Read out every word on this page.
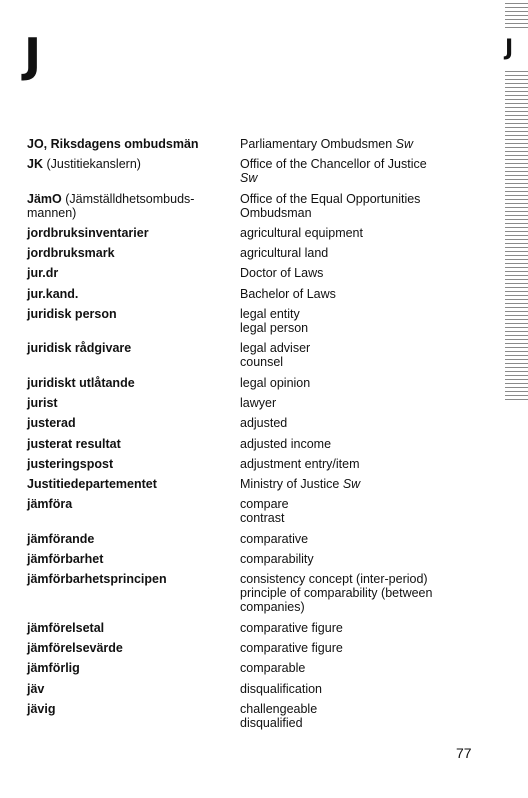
J	J
JO, Riksdagens ombudsmän	Parliamentary Ombudsmen Sw
JK (Justitiekanslern)	Office of the Chancellor of Justice
Sw
JämO (Jämställdhetsombuds-mannen)
Office of the Equal Opportunities
Ombudsman
jordbruksinventarier	agricultural equipment
jordbruksmark	agricultural land
jur.dr	Doctor of Laws
jur.kand.	Bachelor of Laws
juridisk person	legal entity
legal person
juridisk rådgivare	legal adviser
counsel
juridiskt utlåtande	legal opinion
jurist	lawyer
justerad	adjusted
justerat resultat	adjusted income
justeringspost	adjustment entry/item
Justitiedepartementet	Ministry of Justice Sw
jämföra	compare
contrast
jämförande	comparative
jämförbarhet	comparability
jämförbarhetsprincipen	consistency concept (inter-period)
principle of comparability (between
companies)
jämförelsetal	comparative figure
jämförelsevärde	comparative figure
jämförlig	comparable
jäv	disqualification
jävig	challengeable
disqualified
77
